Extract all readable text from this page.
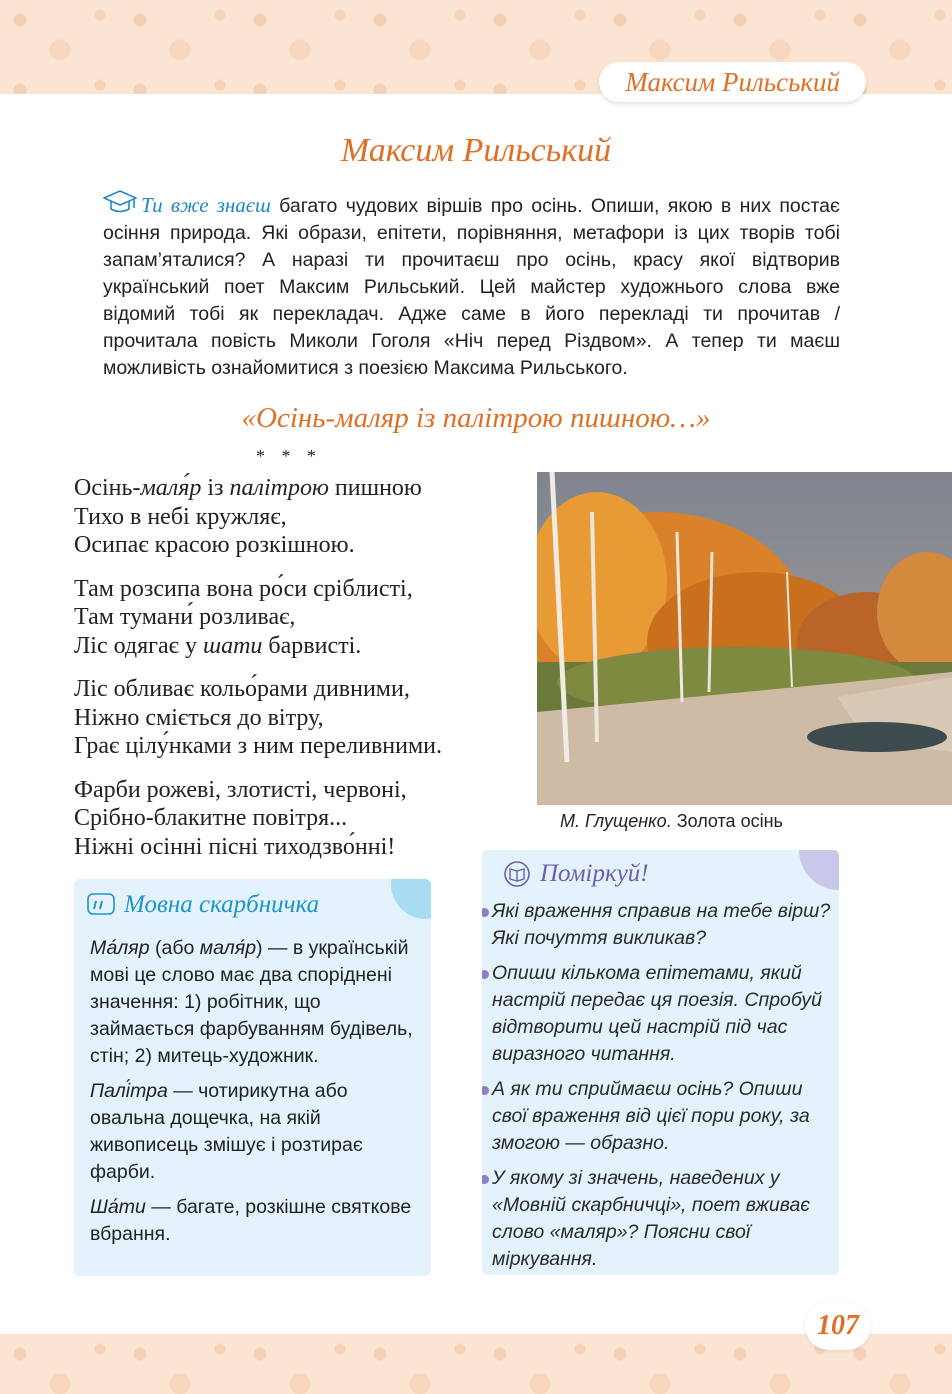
Максим Рильський
Максим Рильський
Ти вже знаєш багато чудових віршів про осінь. Опиши, якою в них постає осіння природа. Які образи, епітети, порівняння, метафори із цих творів тобі запам’яталися? А наразі ти прочитаєш про осінь, красу якої відтворив український поет Максим Рильський. Цей майстер художнього слова вже відомий тобі як перекладач. Адже саме в його перекладі ти прочитав / прочитала повість Миколи Гоголя «Ніч перед Різдвом». А тепер ти маєш можливість ознайомитися з поезією Максима Рильського.
«Осінь-маляр із палітрою пишною…»
* * *
Осінь-маля́р із палітрою пишною
Тихо в небі кружляє,
Осипає красою розкішною.
Там розсипа вона ро́си сріблисті,
Там тумани́ розливає,
Ліс одягає у шати барвисті.
Ліс обливає кольо́рами дивними,
Ніжно сміється до вітру,
Грає цілу́нками з ним переливними.
Фарби рожеві, злотисті, червоні,
Срібно-блакитне повітря...
Ніжні осінні пісні тиходзво́нні!
М. Глущенко. Золота осінь
Мовна скарбничка

Ма́ляр (або маля́р) — в українській мові це слово має два споріднені значення: 1) робітник, що займається фарбуванням будівель, стін; 2) митець-художник.

Палі́тра — чотирикутна або овальна дощечка, на якій живописець змішує і розтирає фарби.

Ша́ти — багате, розкішне святкове вбрання.

Поміркуй!
Які враження справив на тебе вірш? Які почуття викликав?
Опиши кількома епітетами, який настрій передає ця поезія. Спробуй відтворити цей настрій під час виразного читання.
А як ти сприймаєш осінь? Опиши свої враження від цієї пори року, за змогою — образно.
У якому зі значень, наведених у «Мовній скарбничці», поет вживає слово «маляр»? Поясни свої міркування.
107
